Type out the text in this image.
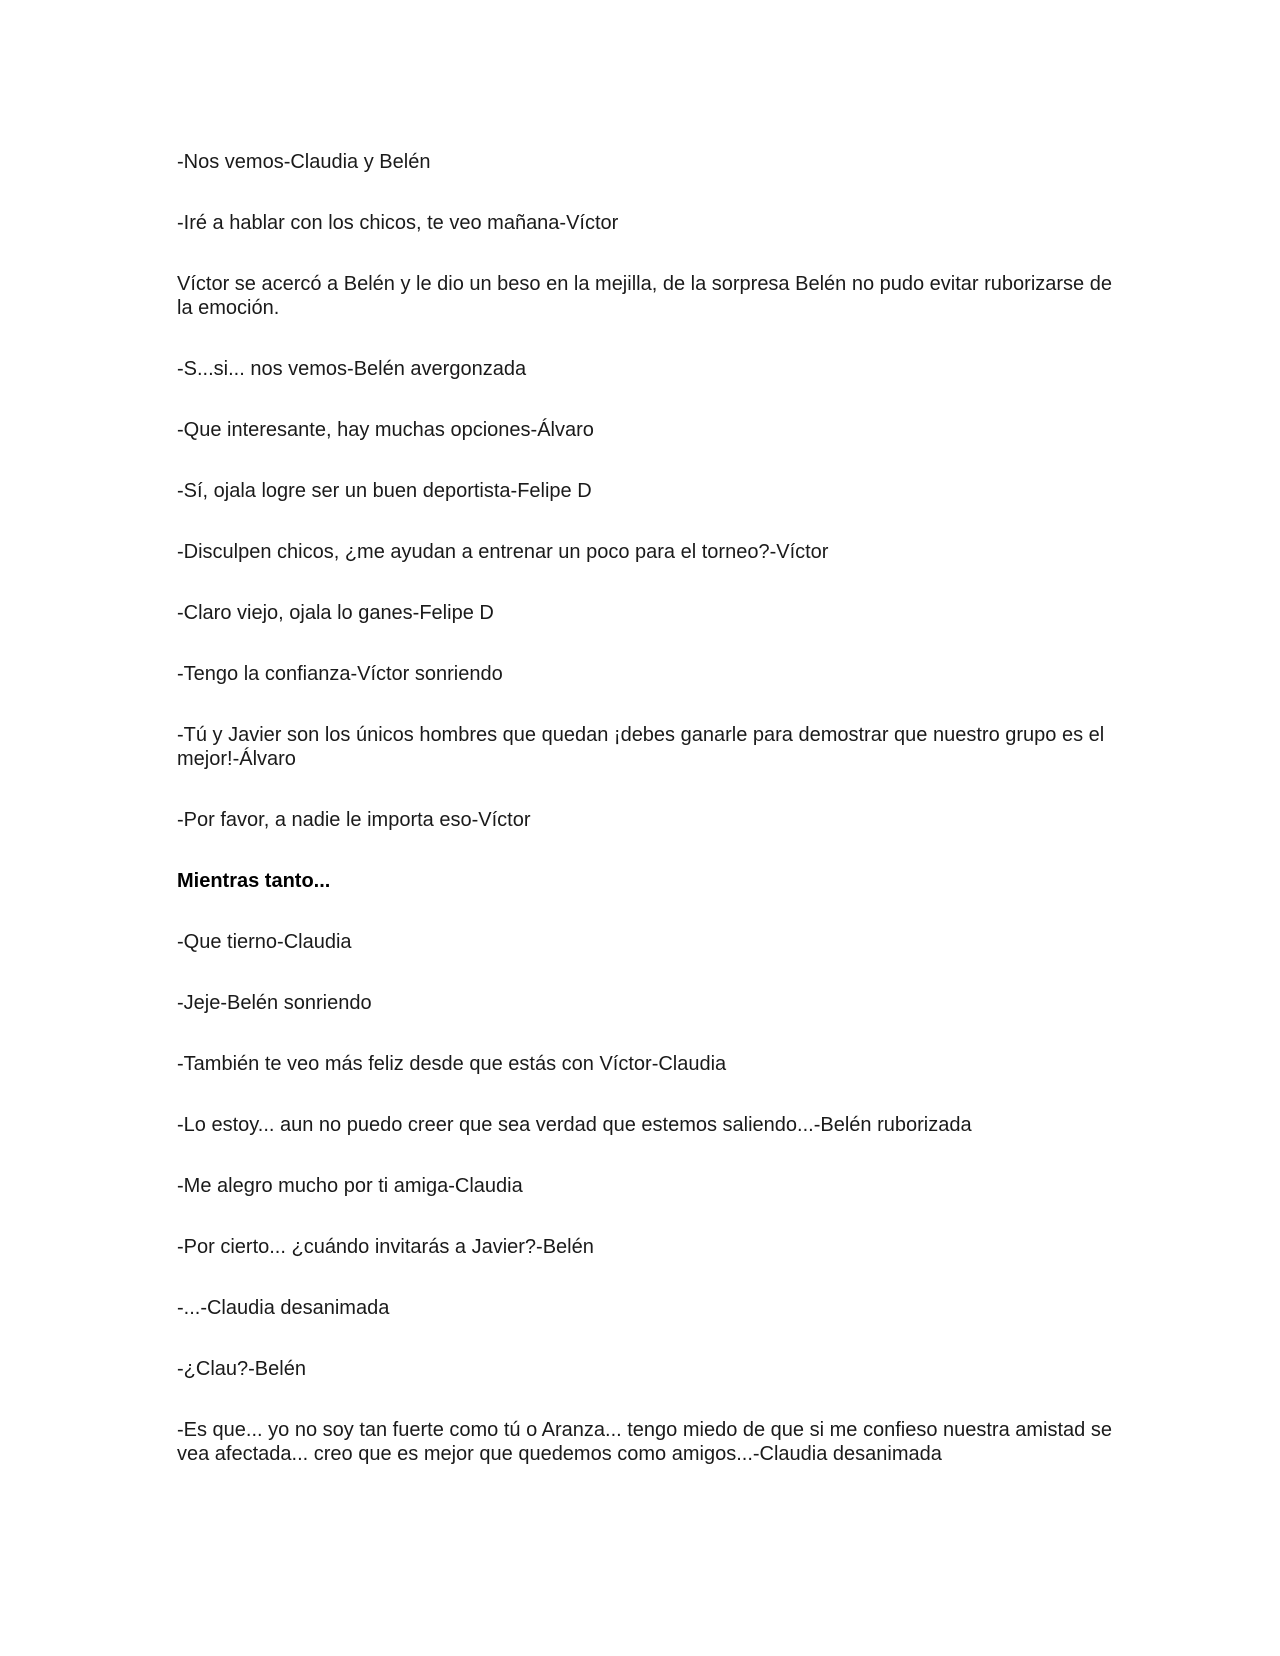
-Nos vemos-Claudia y Belén

-Iré a hablar con los chicos, te veo mañana-Víctor

Víctor se acercó a Belén y le dio un beso en la mejilla, de la sorpresa Belén no pudo evitar ruborizarse de la emoción.

-S...si... nos vemos-Belén avergonzada

-Que interesante, hay muchas opciones-Álvaro

-Sí, ojala logre ser un buen deportista-Felipe D

-Disculpen chicos, ¿me ayudan a entrenar un poco para el torneo?-Víctor

-Claro viejo, ojala lo ganes-Felipe D

-Tengo la confianza-Víctor sonriendo

-Tú y Javier son los únicos hombres que quedan ¡debes ganarle para demostrar que nuestro grupo es el mejor!-Álvaro

-Por favor, a nadie le importa eso-Víctor

Mientras tanto...

-Que tierno-Claudia

-Jeje-Belén sonriendo

-También te veo más feliz desde que estás con Víctor-Claudia

-Lo estoy... aun no puedo creer que sea verdad que estemos saliendo...-Belén ruborizada

-Me alegro mucho por ti amiga-Claudia

-Por cierto... ¿cuándo invitarás a Javier?-Belén

-...-Claudia desanimada

-¿Clau?-Belén

-Es que... yo no soy tan fuerte como tú o Aranza... tengo miedo de que si me confieso nuestra amistad se vea afectada... creo que es mejor que quedemos como amigos...-Claudia desanimada
